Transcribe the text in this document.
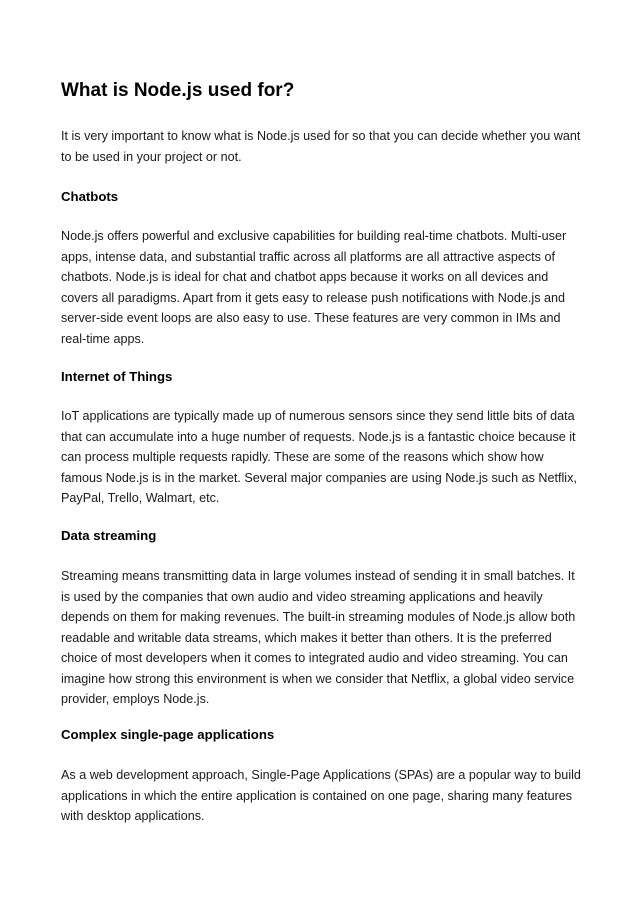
What is Node.js used for?

It is very important to know what is Node.js used for so that you can decide whether you want to be used in your project or not.

Chatbots

Node.js offers powerful and exclusive capabilities for building real-time chatbots. Multi-user apps, intense data, and substantial traffic across all platforms are all attractive aspects of chatbots. Node.js is ideal for chat and chatbot apps because it works on all devices and covers all paradigms. Apart from it gets easy to release push notifications with Node.js and server-side event loops are also easy to use. These features are very common in IMs and real-time apps.

Internet of Things

IoT applications are typically made up of numerous sensors since they send little bits of data that can accumulate into a huge number of requests. Node.js is a fantastic choice because it can process multiple requests rapidly. These are some of the reasons which show how famous Node.js is in the market. Several major companies are using Node.js such as Netflix, PayPal, Trello, Walmart, etc.

Data streaming

Streaming means transmitting data in large volumes instead of sending it in small batches. It is used by the companies that own audio and video streaming applications and heavily depends on them for making revenues. The built-in streaming modules of Node.js allow both readable and writable data streams, which makes it better than others. It is the preferred choice of most developers when it comes to integrated audio and video streaming. You can imagine how strong this environment is when we consider that Netflix, a global video service provider, employs Node.js.

Complex single-page applications

As a web development approach, Single-Page Applications (SPAs) are a popular way to build applications in which the entire application is contained on one page, sharing many features with desktop applications.
